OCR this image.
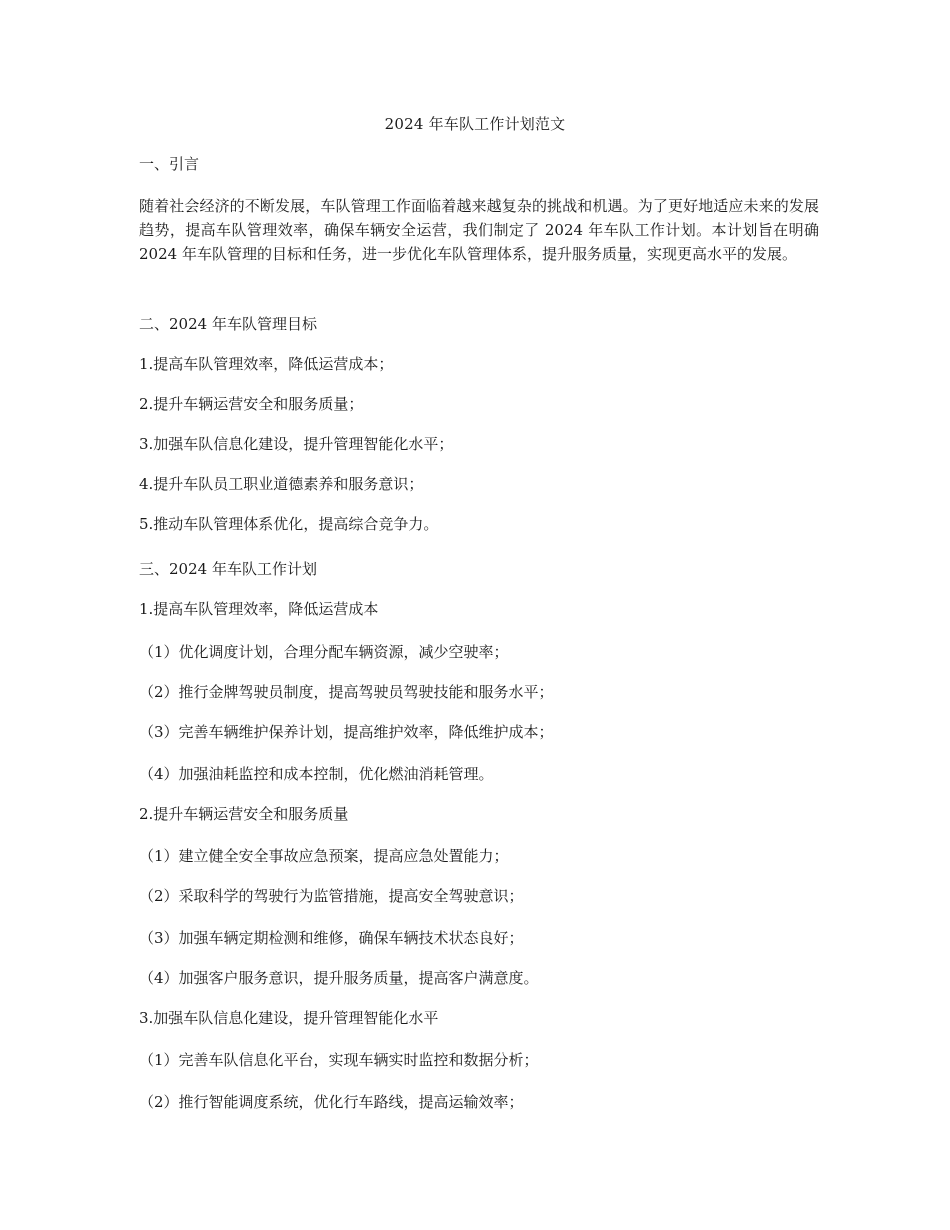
2024 年车队工作计划范文
一、引言
随着社会经济的不断发展，车队管理工作面临着越来越复杂的挑战和机遇。为了更好地适应未来的发展趋势，提高车队管理效率，确保车辆安全运营，我们制定了 2024 年车队工作计划。本计划旨在明确 2024 年车队管理的目标和任务，进一步优化车队管理体系，提升服务质量，实现更高水平的发展。
二、2024 年车队管理目标
1.提高车队管理效率，降低运营成本；
2.提升车辆运营安全和服务质量；
3.加强车队信息化建设，提升管理智能化水平；
4.提升车队员工职业道德素养和服务意识；
5.推动车队管理体系优化，提高综合竞争力。
三、2024 年车队工作计划
1.提高车队管理效率，降低运营成本
（1）优化调度计划，合理分配车辆资源，减少空驶率；
（2）推行金牌驾驶员制度，提高驾驶员驾驶技能和服务水平；
（3）完善车辆维护保养计划，提高维护效率，降低维护成本；
（4）加强油耗监控和成本控制，优化燃油消耗管理。
2.提升车辆运营安全和服务质量
（1）建立健全安全事故应急预案，提高应急处置能力；
（2）采取科学的驾驶行为监管措施，提高安全驾驶意识；
（3）加强车辆定期检测和维修，确保车辆技术状态良好；
（4）加强客户服务意识，提升服务质量，提高客户满意度。
3.加强车队信息化建设，提升管理智能化水平
（1）完善车队信息化平台，实现车辆实时监控和数据分析；
（2）推行智能调度系统，优化行车路线，提高运输效率；
